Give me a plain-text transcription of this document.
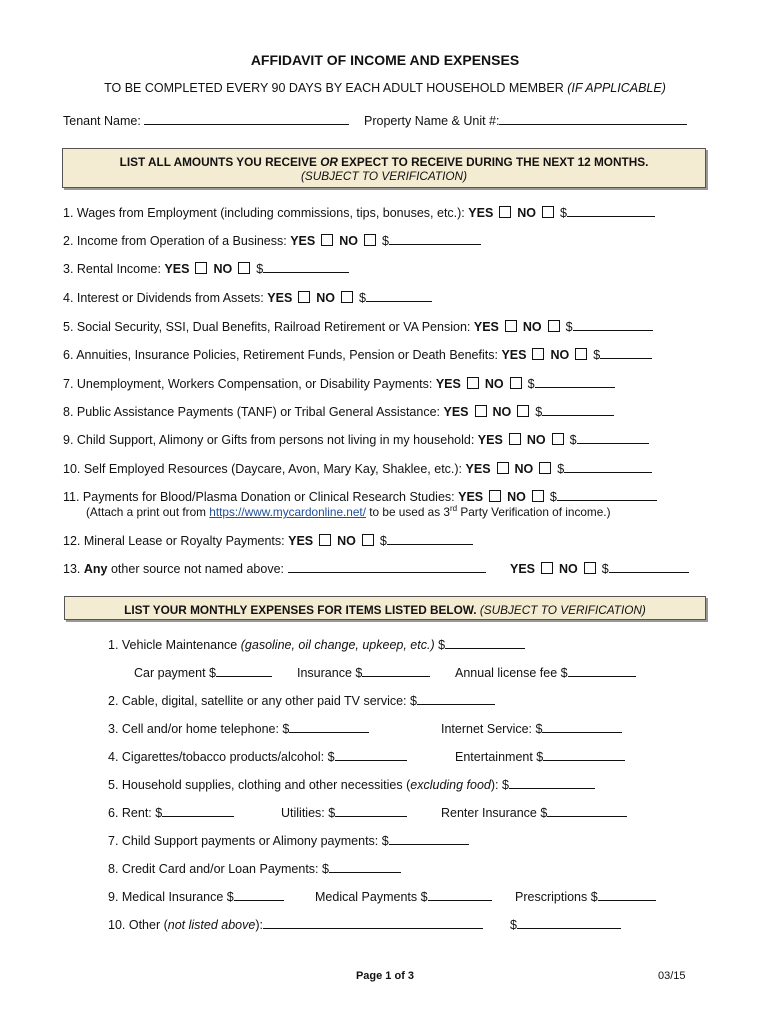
AFFIDAVIT OF INCOME AND EXPENSES
TO BE COMPLETED EVERY 90 DAYS BY EACH ADULT HOUSEHOLD MEMBER (IF APPLICABLE)
Tenant Name:	Property Name & Unit #:
LIST ALL AMOUNTS YOU RECEIVE OR EXPECT TO RECEIVE DURING THE NEXT 12 MONTHS.
(SUBJECT TO VERIFICATION)
1. Wages from Employment (including commissions, tips, bonuses, etc.): YES NO $
2. Income from Operation of a Business: YES NO $
3. Rental Income: YES NO $
4. Interest or Dividends from Assets: YES NO $
5. Social Security, SSI, Dual Benefits, Railroad Retirement or VA Pension: YES NO $
6. Annuities, Insurance Policies, Retirement Funds, Pension or Death Benefits: YES NO $
7. Unemployment, Workers Compensation, or Disability Payments: YES NO $
8. Public Assistance Payments (TANF) or Tribal General Assistance: YES NO $
9. Child Support, Alimony or Gifts from persons not living in my household: YES NO $
10. Self Employed Resources (Daycare, Avon, Mary Kay, Shaklee, etc.): YES NO $
11. Payments for Blood/Plasma Donation or Clinical Research Studies: YES NO $
(Attach a print out from https://www.mycardonline.net/ to be used as 3rd Party Verification of income.)
12. Mineral Lease or Royalty Payments: YES NO $
13. Any other source not named above:	YES NO $
LIST YOUR MONTHLY EXPENSES FOR ITEMS LISTED BELOW. (SUBJECT TO VERIFICATION)
1. Vehicle Maintenance (gasoline, oil change, upkeep, etc.) $
Car payment $	Insurance $	Annual license fee $
2. Cable, digital, satellite or any other paid TV service: $
3. Cell and/or home telephone: $	Internet Service: $
4. Cigarettes/tobacco products/alcohol: $	Entertainment $
5. Household supplies, clothing and other necessities (excluding food): $
6. Rent: $	Utilities: $	Renter Insurance $
7. Child Support payments or Alimony payments: $
8. Credit Card and/or Loan Payments: $
9. Medical Insurance $	Medical Payments $	Prescriptions $
10. Other (not listed above):	$
Page 1 of 3	03/15
